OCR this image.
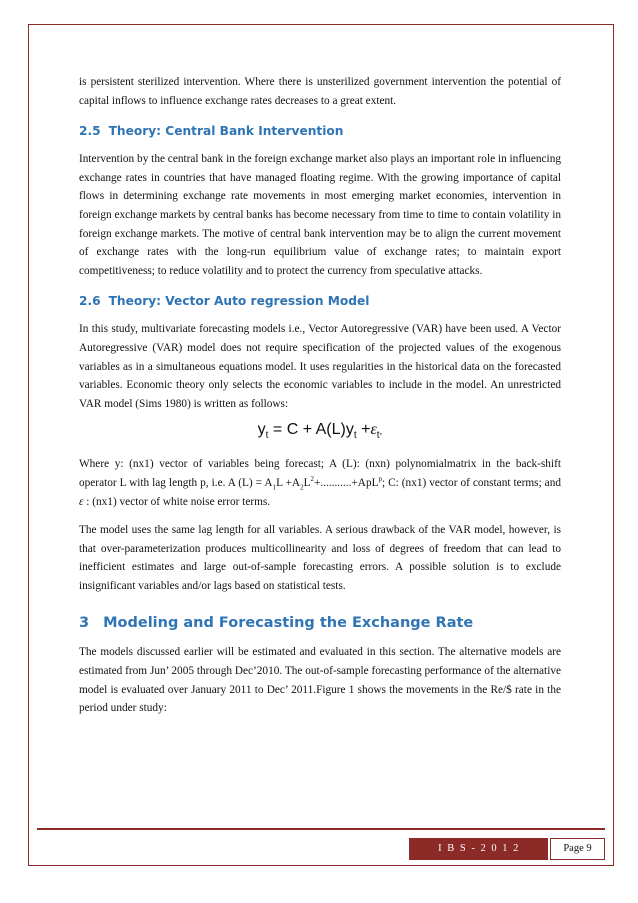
is persistent sterilized intervention. Where there is unsterilized government intervention the potential of capital inflows to influence exchange rates decreases to a great extent.

2.5 Theory: Central Bank Intervention

Intervention by the central bank in the foreign exchange market also plays an important role in influencing exchange rates in countries that have managed floating regime. With the growing importance of capital flows in determining exchange rate movements in most emerging market economies, intervention in foreign exchange markets by central banks has become necessary from time to time to contain volatility in foreign exchange markets. The motive of central bank intervention may be to align the current movement of exchange rates with the long-run equilibrium value of exchange rates; to maintain export competitiveness; to reduce volatility and to protect the currency from speculative attacks.

2.6 Theory: Vector Auto regression Model

In this study, multivariate forecasting models i.e., Vector Autoregressive (VAR) have been used. A Vector Autoregressive (VAR) model does not require specification of the projected values of the exogenous variables as in a simultaneous equations model. It uses regularities in the historical data on the forecasted variables. Economic theory only selects the economic variables to include in the model. An unrestricted VAR model (Sims 1980) is written as follows:

$y_t = C + A(L)y_t +\varepsilon_t$,

Where y: (nx1) vector of variables being forecast; A (L): (nxn) polynomialmatrix in the back-shift operator L with lag length p, i.e. A $(L) = A_1L +A_2L^2+...........+ApL^p$; C: (nx1) vector of constant terms; and ε : (nx1) vector of white noise error terms.

The model uses the same lag length for all variables. A serious drawback of the VAR model, however, is that over-parameterization produces multicollinearity and loss of degrees of freedom that can lead to inefficient estimates and large out-of-sample forecasting errors. A possible solution is to exclude insignificant variables and/or lags based on statistical tests.

3 Modeling and Forecasting the Exchange Rate

The models discussed earlier will be estimated and evaluated in this section. The alternative models are estimated from Jun’ 2005 through Dec’2010. The out-of-sample forecasting performance of the alternative model is evaluated over January 2011 to Dec’ 2011.Figure 1 shows the movements in the Re/$ rate in the period under study:

I B S - 2 0 1 2	Page 9
